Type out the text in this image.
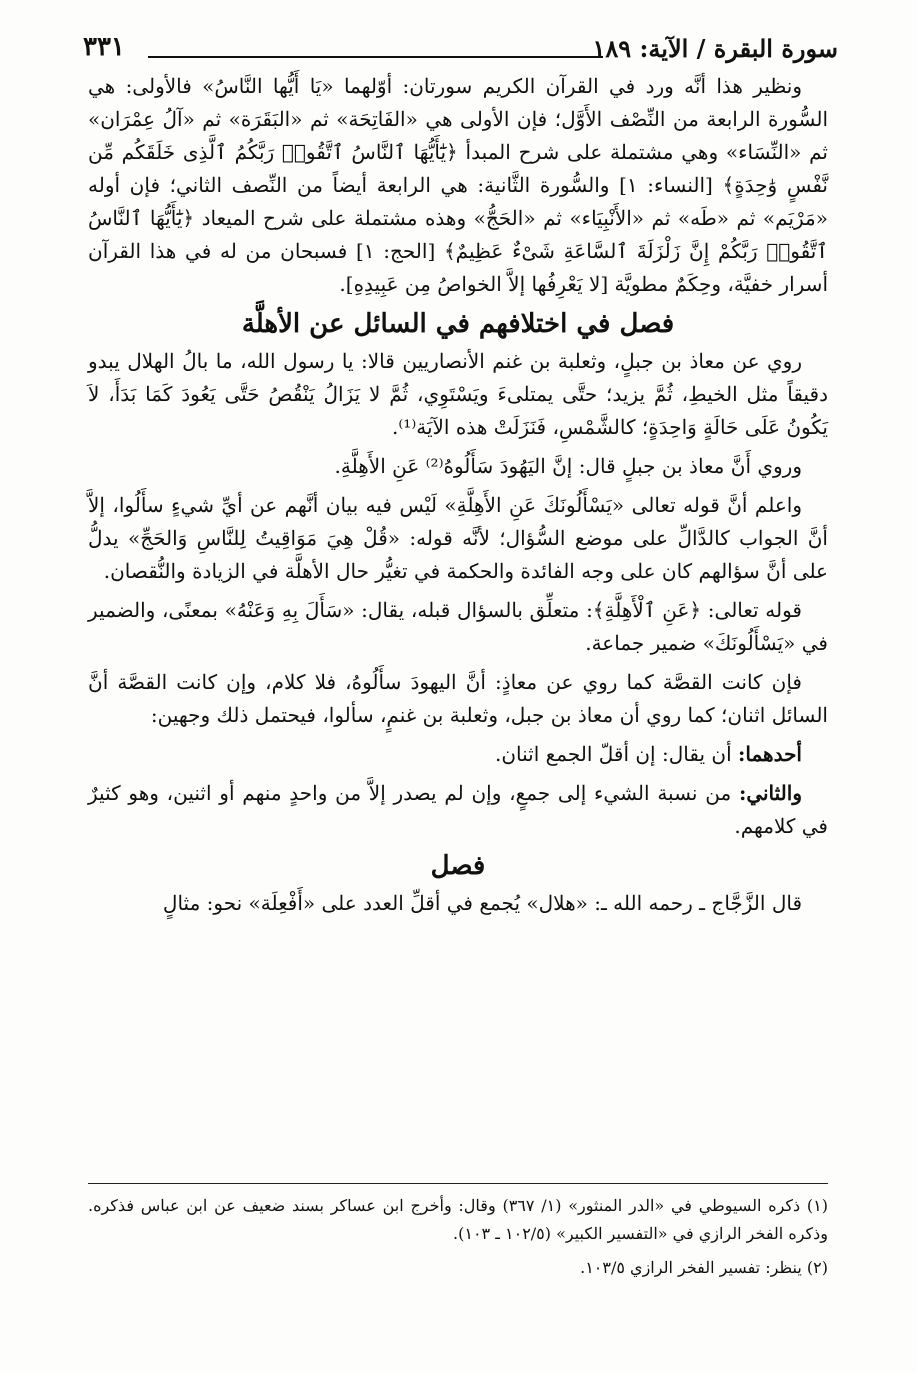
سورة البقرة / الآية: ١٨٩
٣٣١

ونظير هذا أنَّه ورد في القرآن الكريم سورتان: أوّلهما «يَا أَيُّها النَّاسُ» فالأولى: هي السُّورة الرابعة من النِّصْف الأَوَّل؛ فإن الأولى هي «الفَاتِحَة» ثم «البَقَرَة» ثم «آلُ عِمْرَان» ثم «النِّسَاء» وهي مشتملة على شرح المبدأ ﴿يَٰٓأَيُّهَا ٱلنَّاسُ ٱتَّقُوا۟ رَبَّكُمُ ٱلَّذِى خَلَقَكُم مِّن نَّفْسٍ وَٰحِدَةٍ﴾ [النساء: ١] والسُّورة الثَّانية: هي الرابعة أيضاً من النِّصف الثاني؛ فإن أوله «مَرْيَم» ثم «طَه» ثم «الأَنْبِيَاء» ثم «الحَجُّ» وهذه مشتملة على شرح الميعاد ﴿يَٰٓأَيُّهَا ٱلنَّاسُ ٱتَّقُوا۟ رَبَّكُمْ إِنَّ زَلْزَلَةَ ٱلسَّاعَةِ شَىْءٌ عَظِيمٌ﴾ [الحج: ١] فسبحان من له في هذا القرآن أسرار خفيَّة، وحِكَمٌ مطويَّة [لا يَعْرِفُها إلاَّ الخواصُ مِن عَبِيدِهِ].

فصل في اختلافهم في السائل عن الأهلَّة

روي عن معاذ بن جبلٍ، وثعلبة بن غنم الأنصاريين قالا: يا رسول الله، ما بالُ الهلال يبدو دقيقاً مثل الخيطِ، ثُمَّ يزيد؛ حتَّى يمتلىءَ ويَسْتَوِي، ثُمَّ لا يَزَالُ يَنْقُصُ حَتَّى يَعُودَ كَمَا بَدَأَ، لاَ يَكُونُ عَلَى حَالَةٍ وَاحِدَةٍ؛ كالشَّمْسِ، فَنَزَلَتْ هذه الآيَة⁽¹⁾.

وروي أَنَّ معاذ بن جبلٍ قال: إنَّ اليَهُودَ سَأَلُوهُ⁽²⁾ عَنِ الأَهِلَّةِ.

واعلم أنَّ قوله تعالى «يَسْأَلُونَكَ عَنِ الأَهِلَّةِ» لَيْس فيه بيان أنَّهم عن أيِّ شيءٍ سأَلُوا، إلاَّ أنَّ الجواب كالدَّالِّ على موضع السُّؤال؛ لأنَّه قوله: «قُلْ هِيَ مَوَاقِيتُ لِلنَّاسِ وَالحَجِّ» يدلُّ على أنَّ سؤالهم كان على وجه الفائدة والحكمة في تغيُّر حال الأهلَّة في الزيادة والنُّقصان.

قوله تعالى: ﴿عَنِ ٱلْأَهِلَّةِ﴾: متعلِّق بالسؤال قبله، يقال: «سَأَلَ بِهِ وَعَنْهُ» بمعنًى، والضمير في «يَسْأَلُونَكَ» ضمير جماعة.

فإن كانت القصَّة كما روي عن معاذٍ: أنَّ اليهودَ سأَلُوهُ، فلا كلام، وإن كانت القصَّة أنَّ السائل اثنان؛ كما روي أن معاذ بن جبل، وثعلبة بن غنمٍ، سألوا، فيحتمل ذلك وجهين:

أحدهما: أن يقال: إن أقلّ الجمع اثنان.

والثاني: من نسبة الشيء إلى جمعٍ، وإن لم يصدر إلاَّ من واحدٍ منهم أو اثنين، وهو كثيرٌ في كلامهم.

فصل

قال الزَّجَّاج ـ رحمه الله ـ: «هلال» يُجمع في أقلِّ العدد على «أَفْعِلَة» نحو: مثالٍ

(١) ذكره السيوطي في «الدر المنثور» (١/ ٣٦٧) وقال: وأخرج ابن عساكر بسند ضعيف عن ابن عباس فذكره. وذكره الفخر الرازي في «التفسير الكبير» (١٠٢/٥ ـ ١٠٣).

(٢) ينظر: تفسير الفخر الرازي ١٠٣/٥.
